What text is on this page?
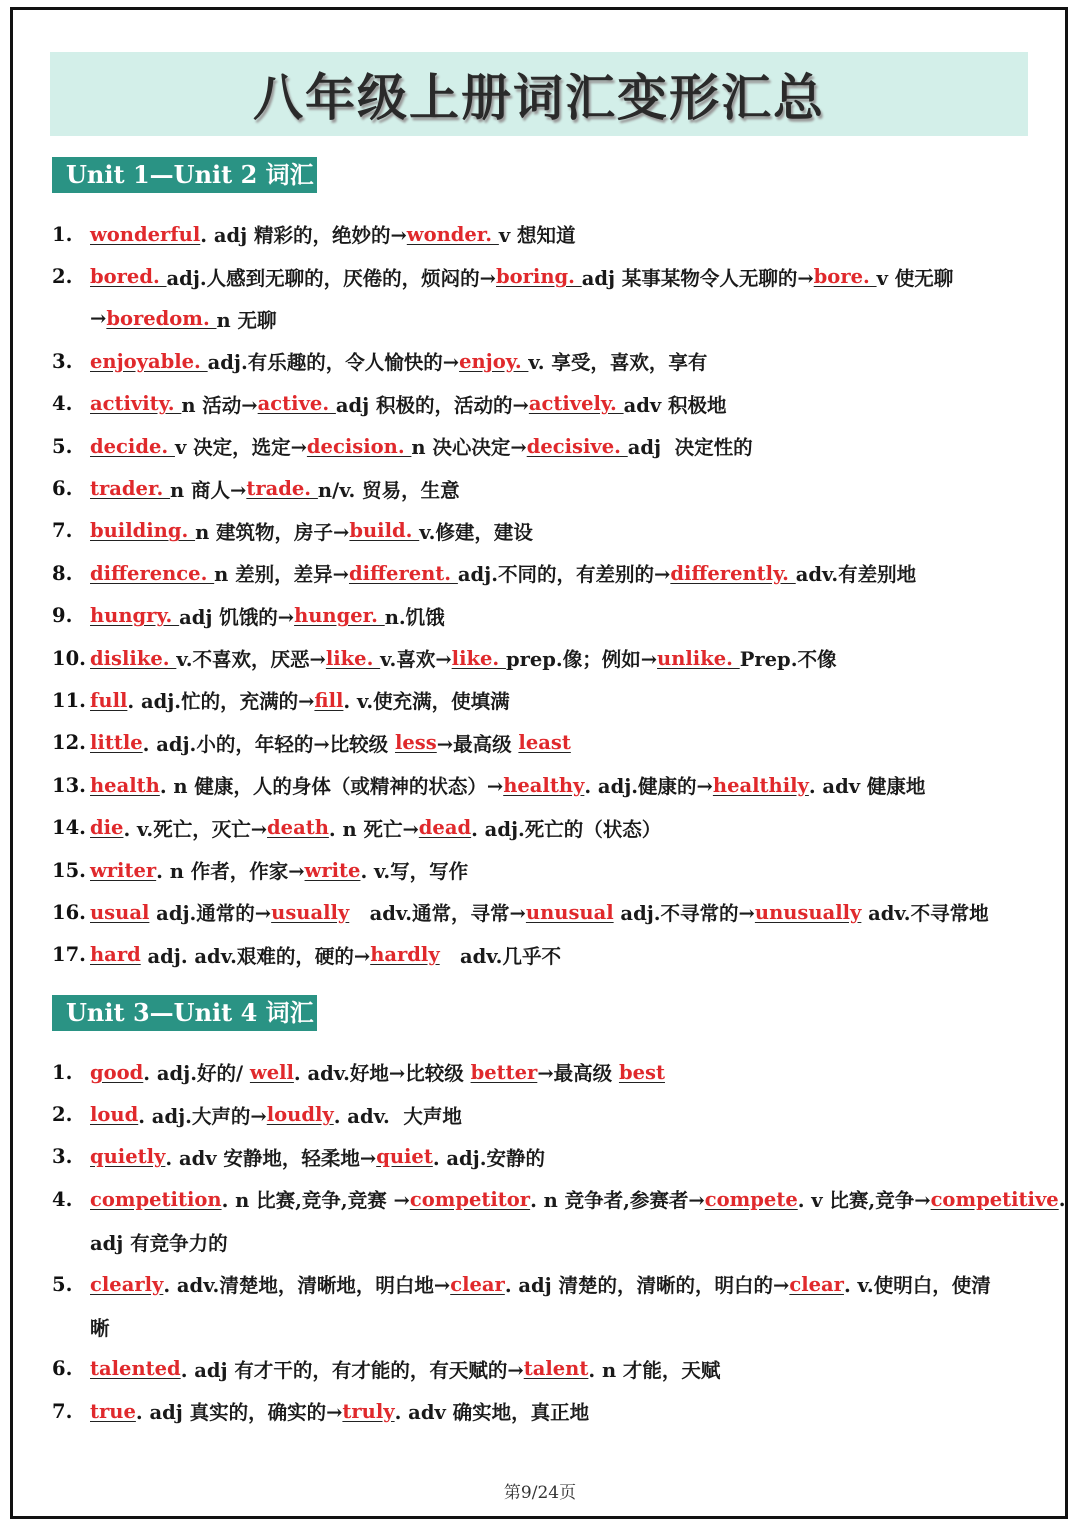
八年级上册词汇变形汇总
Unit 1—Unit 2 词汇
1. wonderful . adj 精彩的，绝妙的→ wonder. v 想知道
2. bored. adj.人感到无聊的，厌倦的，烦闷的→ boring. adj 某事某物令人无聊的→ bore. v 使无聊
→ boredom. n 无聊
3. enjoyable. adj.有乐趣的，令人愉快的→ enjoy. v. 享受，喜欢，享有
4. activity. n 活动→ active. adj 积极的，活动的→ actively. adv 积极地
5. decide. v 决定，选定→ decision. n 决心决定→ decisive. adj  决定性的
6. trader. n 商人→ trade. n/v. 贸易，生意
7. building. n 建筑物，房子→ build. v.修建，建设
8. difference. n 差别，差异→ different. adj.不同的，有差别的→ differently. adv.有差别地
9. hungry. adj 饥饿的→ hunger. n.饥饿
10. dislike. v.不喜欢，厌恶→ like. v.喜欢→ like. prep.像；例如→ unlike. Prep.不像
11. full . adj.忙的，充满的→ fill . v.使充满，使填满
12. little . adj.小的，年轻的→比较级 less →最高级 least
13. health . n 健康，人的身体（或精神的状态）→ healthy . adj.健康的→ healthily . adv 健康地
14. die . v.死亡，灭亡→ death . n 死亡→ dead . adj.死亡的（状态）
15. writer . n 作者，作家→ write . v.写，写作
16. usual adj.通常的→ usually adv.通常，寻常→ unusual adj.不寻常的→ unusually adv.不寻常地
17. hard adj. adv.艰难的，硬的→ hardly adv.几乎不
Unit 3—Unit 4 词汇
1. good . adj.好的/ well . adv.好地→比较级 better →最高级 best
2. loud . adj.大声的→ loudly . adv.  大声地
3. quietly . adv 安静地，轻柔地→ quiet . adj.安静的
4. competition . n 比赛,竞争,竞赛 → competitor . n 竞争者,参赛者→ compete . v 比赛,竞争→ competitive .
adj 有竞争力的
5. clearly . adv.清楚地，清晰地，明白地→ clear . adj 清楚的，清晰的，明白的→ clear . v.使明白，使清
晰
6. talented . adj 有才干的，有才能的，有天赋的→ talent . n 才能，天赋
7. true . adj 真实的，确实的→ truly . adv 确实地，真正地
第9/24页
